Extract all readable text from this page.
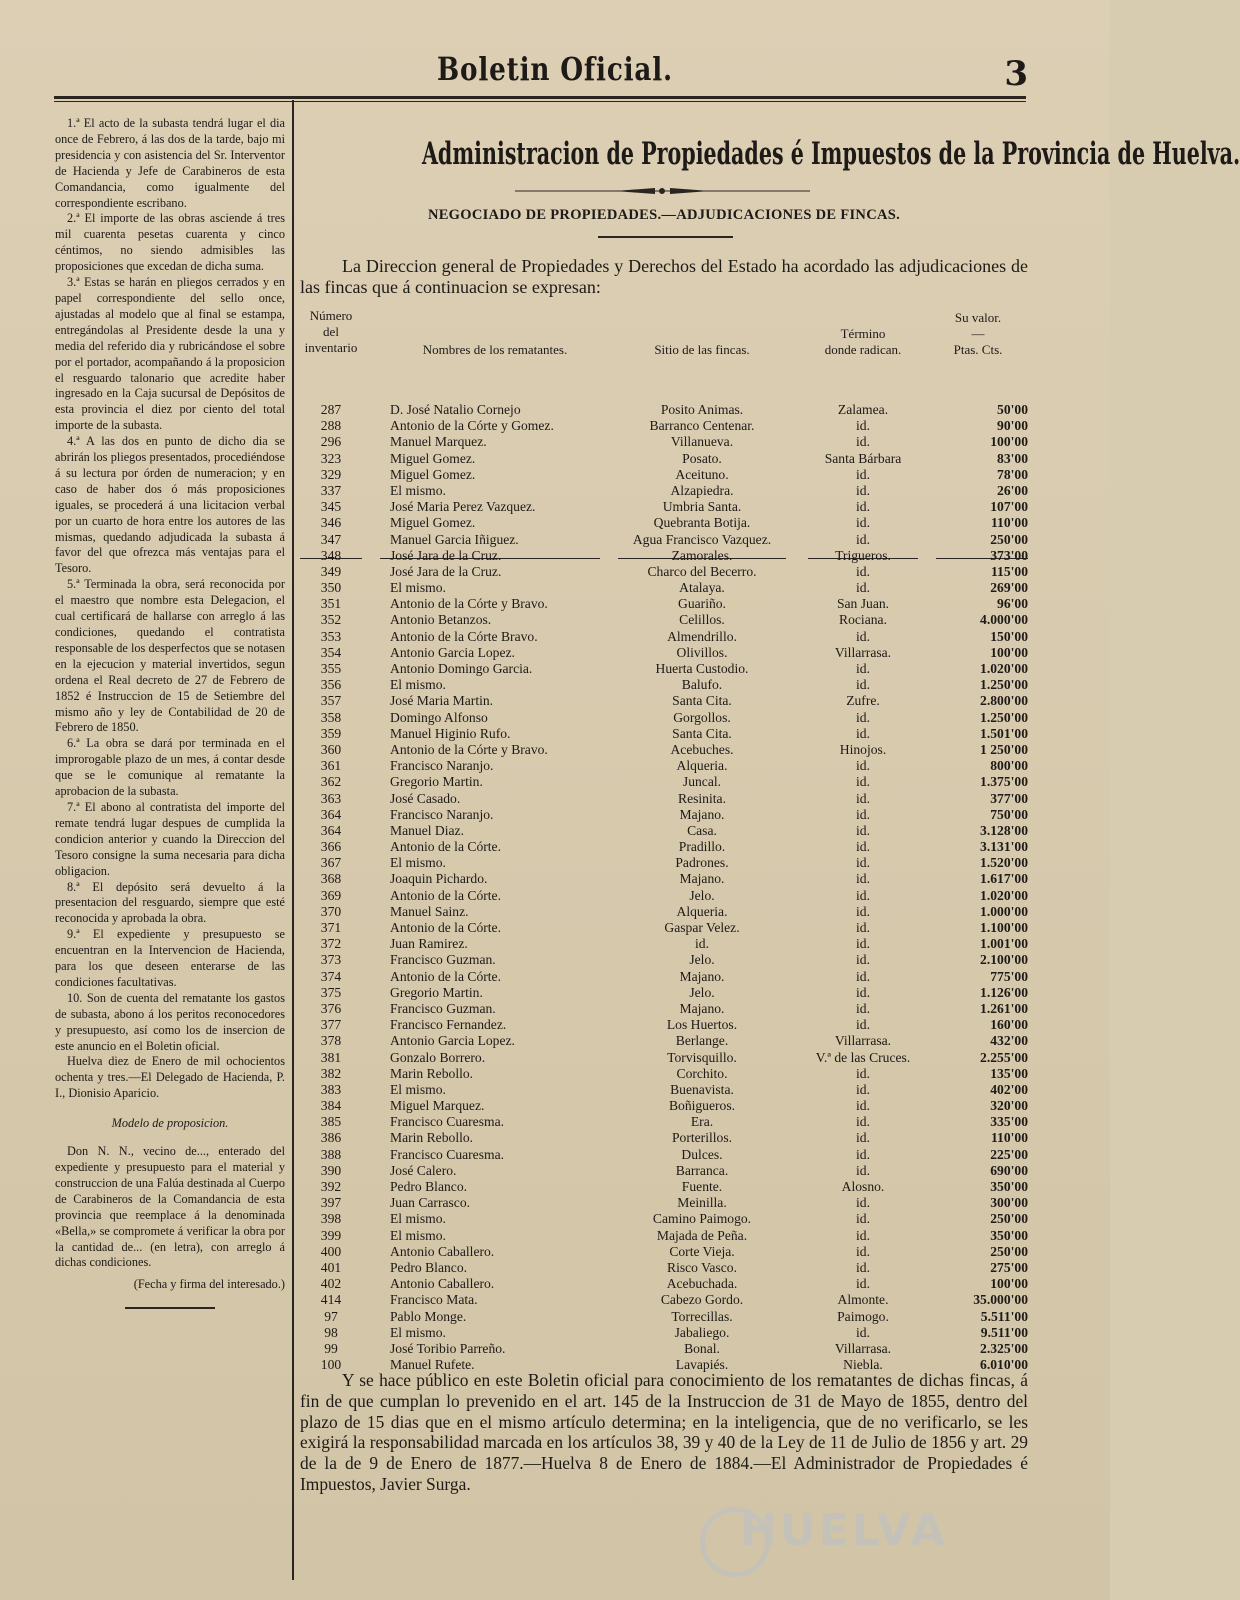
Boletin Oficial.	3

1.ª El acto de la subasta tendrá lugar el dia once de Febrero, á las dos de la tarde, bajo mi presidencia y con asistencia del Sr. Interventor de Hacienda y Jefe de Carabineros de esta Comandancia, como igualmente del correspondiente escribano.

2.ª El importe de las obras asciende á tres mil cuarenta pesetas cuarenta y cinco céntimos, no siendo admisibles las proposiciones que excedan de dicha suma.

3.ª Estas se harán en pliegos cerrados y en papel correspondiente del sello once, ajustadas al modelo que al final se estampa, entregándolas al Presidente desde la una y media del referido dia y rubricándose el sobre por el portador, acompañando á la proposicion el resguardo talonario que acredite haber ingresado en la Caja sucursal de Depósitos de esta provincia el diez por ciento del total importe de la subasta.

4.ª A las dos en punto de dicho dia se abrirán los pliegos presentados, procediéndose á su lectura por órden de numeracion; y en caso de haber dos ó más proposiciones iguales, se procederá á una licitacion verbal por un cuarto de hora entre los autores de las mismas, quedando adjudicada la subasta á favor del que ofrezca más ventajas para el Tesoro.

5.ª Terminada la obra, será reconocida por el maestro que nombre esta Delegacion, el cual certificará de hallarse con arreglo á las condiciones, quedando el contratista responsable de los desperfectos que se notasen en la ejecucion y material invertidos, segun ordena el Real decreto de 27 de Febrero de 1852 é Instruccion de 15 de Setiembre del mismo año y ley de Contabilidad de 20 de Febrero de 1850.

6.ª La obra se dará por terminada en el improrogable plazo de un mes, á contar desde que se le comunique al rematante la aprobacion de la subasta.

7.ª El abono al contratista del importe del remate tendrá lugar despues de cumplida la condicion anterior y cuando la Direccion del Tesoro consigne la suma necesaria para dicha obligacion.

8.ª El depósito será devuelto á la presentacion del resguardo, siempre que esté reconocida y aprobada la obra.

9.ª El expediente y presupuesto se encuentran en la Intervencion de Hacienda, para los que deseen enterarse de las condiciones facultativas.

10. Son de cuenta del rematante los gastos de subasta, abono á los peritos reconocedores y presupuesto, así como los de insercion de este anuncio en el Boletin oficial.

Huelva diez de Enero de mil ochocientos ochenta y tres.—El Delegado de Hacienda, P. I., Dionisio Aparicio.

Modelo de proposicion.

Don N. N., vecino de..., enterado del expediente y presupuesto para el material y construccion de una Falúa destinada al Cuerpo de Carabineros de la Comandancia de esta provincia que reemplace á la denominada «Bella,» se compromete á verificar la obra por la cantidad de... (en letra), con arreglo á dichas condiciones.

(Fecha y firma del interesado.)

Administracion de Propiedades é Impuestos de la Provincia de Huelva.
NEGOCIADO DE PROPIEDADES.—ADJUDICACIONES DE FINCAS.
La Direccion general de Propiedades y Derechos del Estado ha acordado las adjudicaciones de las fincas que á continuacion se expresan:
Número
del
inventario	Nombres de los rematantes.	Sitio de las fincas.
Término
donde radican.
Su valor.
—
Ptas. Cts.
287	D. José Natalio Cornejo	Posito Animas.	Zalamea.	50'00
288	Antonio de la Córte y Gomez.	Barranco Centenar.	id.	90'00
296	Manuel Marquez.	Villanueva.	id.	100'00
323	Miguel Gomez.	Posato.	Santa Bárbara	83'00
329	Miguel Gomez.	Aceituno.	id.	78'00
337	El mismo.	Alzapiedra.	id.	26'00
345	José Maria Perez Vazquez.	Umbria Santa.	id.	107'00
346	Miguel Gomez.	Quebranta Botija.	id.	110'00
347	Manuel Garcia Iñiguez.	Agua Francisco Vazquez.	id.	250'00
348	José Jara de la Cruz.	Zamorales.	Trigueros.	373'00
349	José Jara de la Cruz.	Charco del Becerro.	id.	115'00
350	El mismo.	Atalaya.	id.	269'00
351	Antonio de la Córte y Bravo.	Guariño.	San Juan.	96'00
352	Antonio Betanzos.	Celillos.	Rociana.	4.000'00
353	Antonio de la Córte Bravo.	Almendrillo.	id.	150'00
354	Antonio Garcia Lopez.	Olivillos.	Villarrasa.	100'00
355	Antonio Domingo Garcia.	Huerta Custodio.	id.	1.020'00
356	El mismo.	Balufo.	id.	1.250'00
357	José Maria Martin.	Santa Cita.	Zufre.	2.800'00
358	Domingo Alfonso	Gorgollos.	id.	1.250'00
359	Manuel Higinio Rufo.	Santa Cita.	id.	1.501'00
360	Antonio de la Córte y Bravo.	Acebuches.	Hinojos.	1 250'00
361	Francisco Naranjo.	Alqueria.	id.	800'00
362	Gregorio Martin.	Juncal.	id.	1.375'00
363	José Casado.	Resinita.	id.	377'00
364	Francisco Naranjo.	Majano.	id.	750'00
364	Manuel Diaz.	Casa.	id.	3.128'00
366	Antonio de la Córte.	Pradillo.	id.	3.131'00
367	El mismo.	Padrones.	id.	1.520'00
368	Joaquin Pichardo.	Majano.	id.	1.617'00
369	Antonio de la Córte.	Jelo.	id.	1.020'00
370	Manuel Sainz.	Alqueria.	id.	1.000'00
371	Antonio de la Córte.	Gaspar Velez.	id.	1.100'00
372	Juan Ramirez.	id.	id.	1.001'00
373	Francisco Guzman.	Jelo.	id.	2.100'00
374	Antonio de la Córte.	Majano.	id.	775'00
375	Gregorio Martin.	Jelo.	id.	1.126'00
376	Francisco Guzman.	Majano.	id.	1.261'00
377	Francisco Fernandez.	Los Huertos.	id.	160'00
378	Antonio Garcia Lopez.	Berlange.	Villarrasa.	432'00
381	Gonzalo Borrero.	Torvisquillo.	V.ª de las Cruces.	2.255'00
382	Marin Rebollo.	Corchito.	id.	135'00
383	El mismo.	Buenavista.	id.	402'00
384	Miguel Marquez.	Boñigueros.	id.	320'00
385	Francisco Cuaresma.	Era.	id.	335'00
386	Marin Rebollo.	Porterillos.	id.	110'00
388	Francisco Cuaresma.	Dulces.	id.	225'00
390	José Calero.	Barranca.	id.	690'00
392	Pedro Blanco.	Fuente.	Alosno.	350'00
397	Juan Carrasco.	Meinilla.	id.	300'00
398	El mismo.	Camino Paimogo.	id.	250'00
399	El mismo.	Majada de Peña.	id.	350'00
400	Antonio Caballero.	Corte Vieja.	id.	250'00
401	Pedro Blanco.	Risco Vasco.	id.	275'00
402	Antonio Caballero.	Acebuchada.	id.	100'00
414	Francisco Mata.	Cabezo Gordo.	Almonte.	35.000'00
97	Pablo Monge.	Torrecillas.	Paimogo.	5.511'00
98	El mismo.	Jabaliego.	id.	9.511'00
99	José Toribio Parreño.	Bonal.	Villarrasa.	2.325'00
100	Manuel Rufete.	Lavapiés.	Niebla.	6.010'00
Y se hace público en este Boletin oficial para conocimiento de los rematantes de dichas fincas, á fin de que cumplan lo prevenido en el art. 145 de la Instruccion de 31 de Mayo de 1855, dentro del plazo de 15 dias que en el mismo artículo determina; en la inteligencia, que de no verificarlo, se les exigirá la responsabilidad marcada en los artículos 38, 39 y 40 de la Ley de 11 de Julio de 1856 y art. 29 de la de 9 de Enero de 1877.—Huelva 8 de Enero de 1884.—El Administrador de Propiedades é Impuestos, Javier Surga.
HUELVA
